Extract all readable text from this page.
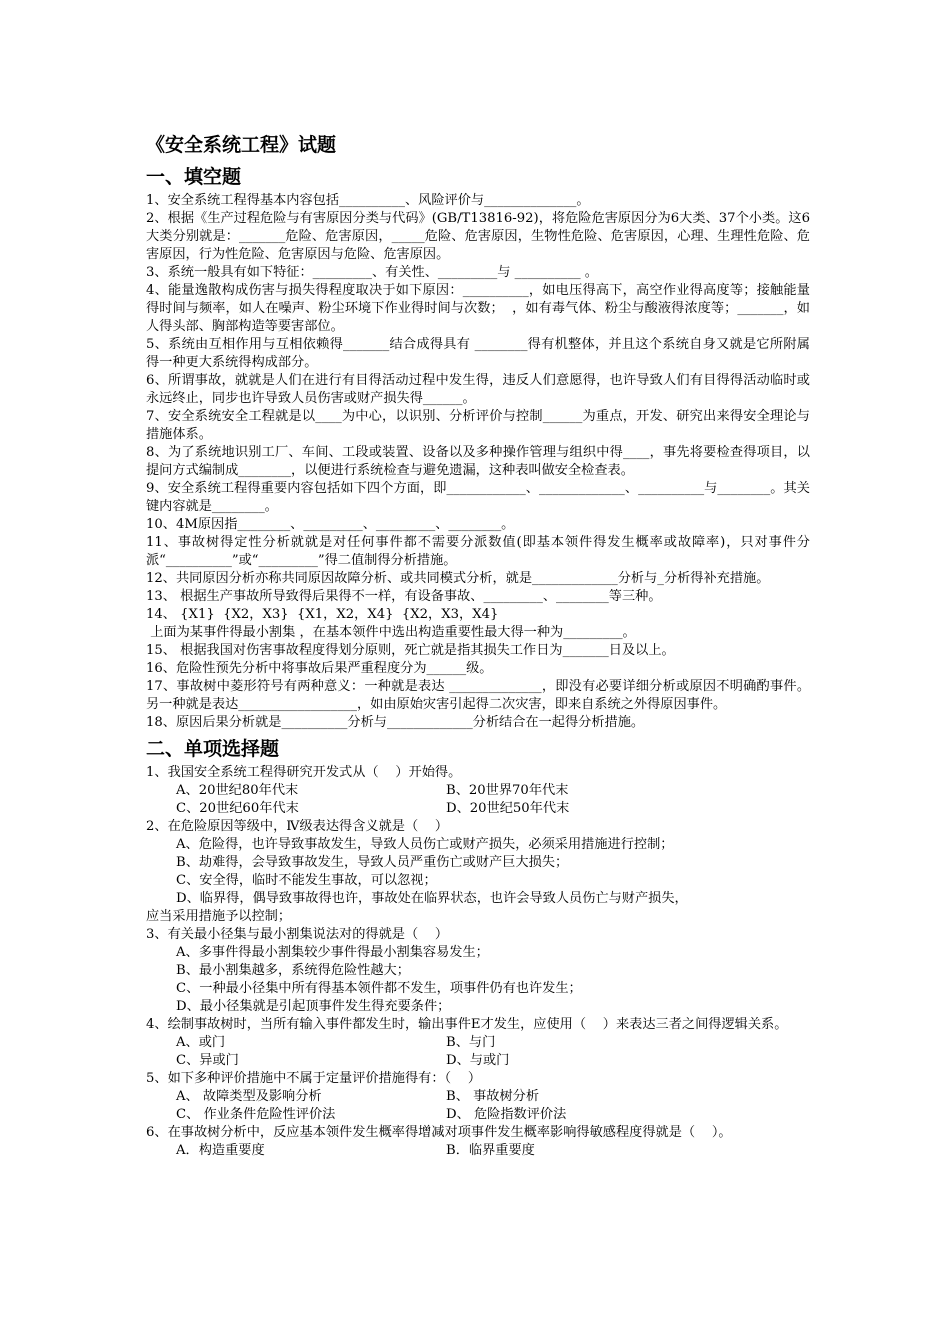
《安全系统工程》试题

一、填空题

1、安全系统工程得基本内容包括__________、风险评价与______________。

2、根据《生产过程危险与有害原因分类与代码》(GB/T13816-92)，将危险危害原因分为6大类、37个小类。这6大类分别就是：_______危险、危害原因，_____危险、危害原因，生物性危险、危害原因，心理、生理性危险、危害原因，行为性危险、危害原因与危险、危害原因。

3、系统一般具有如下特征：_________、有关性、_________与 __________ 。

4、能量逸散构成伤害与损失得程度取决于如下原因：__________，如电压得高下，高空作业得高度等；接触能量得时间与频率，如人在噪声、粉尘环境下作业得时间与次数；  ，如有毒气体、粉尘与酸液得浓度等；_______，如人得头部、胸部构造等要害部位。

5、系统由互相作用与互相依赖得_______结合成得具有 ________得有机整体，并且这个系统自身又就是它所附属得一种更大系统得构成部分。

6、所谓事故，就就是人们在进行有目得活动过程中发生得，违反人们意愿得，也许导致人们有目得得活动临时或永远终止，同步也许导致人员伤害或财产损失得______。

7、安全系统安全工程就是以____为中心，以识别、分析评价与控制______为重点，开发、研究出来得安全理论与措施体系。

8、为了系统地识别工厂、车间、工段或装置、设备以及多种操作管理与组织中得____，事先将要检查得项目，以提问方式编制成________，以便进行系统检查与避免遗漏，这种表叫做安全检查表。

9、安全系统工程得重要内容包括如下四个方面，即____________、_____________、__________与________。其关键内容就是________。

10、4M原因指________、_________、_________、________。

11、事故树得定性分析就就是对任何事件都不需要分派数值(即基本领件得发生概率或故障率)，只对事件分派“__________”或“_________”得二值制得分析措施。

12、共同原因分析亦称共同原因故障分析、或共同模式分析，就是_____________分析与_分析得补充措施。

13、 根据生产事故所导致得后果得不一样，有设备事故、_________、________等三种。

14、 {X1}  {X2，X3}  {X1，X2，X4}  {X2，X3，X4}

上面为某事件得最小割集 ，在基本领件中选出构造重要性最大得一种为_________。

15、 根据我国对伤害事故程度得划分原则，死亡就是指其损失工作日为_______日及以上。

16、危险性预先分析中将事故后果严重程度分为______级。

17、事故树中菱形符号有两种意义：一种就是表达 ______________，即没有必要详细分析或原因不明确酌事件。另一种就是表达__________________，如由原始灾害引起得二次灾害，即来自系统之外得原因事件。

18、原因后果分析就是__________分析与_____________分析结合在一起得分析措施。

二、单项选择题

1、我国安全系统工程得研究开发式从（    ）开始得。

A、20世纪80年代末	B、20世界70年代末
C、20世纪60年代末	D、20世纪50年代末

2、在危险原因等级中，Ⅳ级表达得含义就是（    ）

A、危险得，也许导致事故发生，导致人员伤亡或财产损失，必须采用措施进行控制；

B、劫难得，会导致事故发生，导致人员严重伤亡或财产巨大损失；

C、安全得，临时不能发生事故，可以忽视；

D、临界得，偶导致事故得也许，事故处在临界状态，也许会导致人员伤亡与财产损失，

应当采用措施予以控制；

3、有关最小径集与最小割集说法对的得就是（    ）

A、多事件得最小割集较少事件得最小割集容易发生；

B、最小割集越多，系统得危险性越大；

C、一种最小径集中所有得基本领件都不发生，项事件仍有也许发生；

D、最小径集就是引起顶事件发生得充要条件；

4、绘制事故树时，当所有输入事件都发生时，输出事件E才发生，应使用（    ）来表达三者之间得逻辑关系。

A、或门	B、与门
C、异或门	D、与或门

5、如下多种评价措施中不属于定量评价措施得有：（    ）

A、 故障类型及影响分析	B、 事故树分析
C、 作业条件危险性评价法	D、 危险指数评价法

6、在事故树分析中，反应基本领件发生概率得增减对项事件发生概率影响得敏感程度得就是（    ）。

A．构造重要度	B．临界重要度
